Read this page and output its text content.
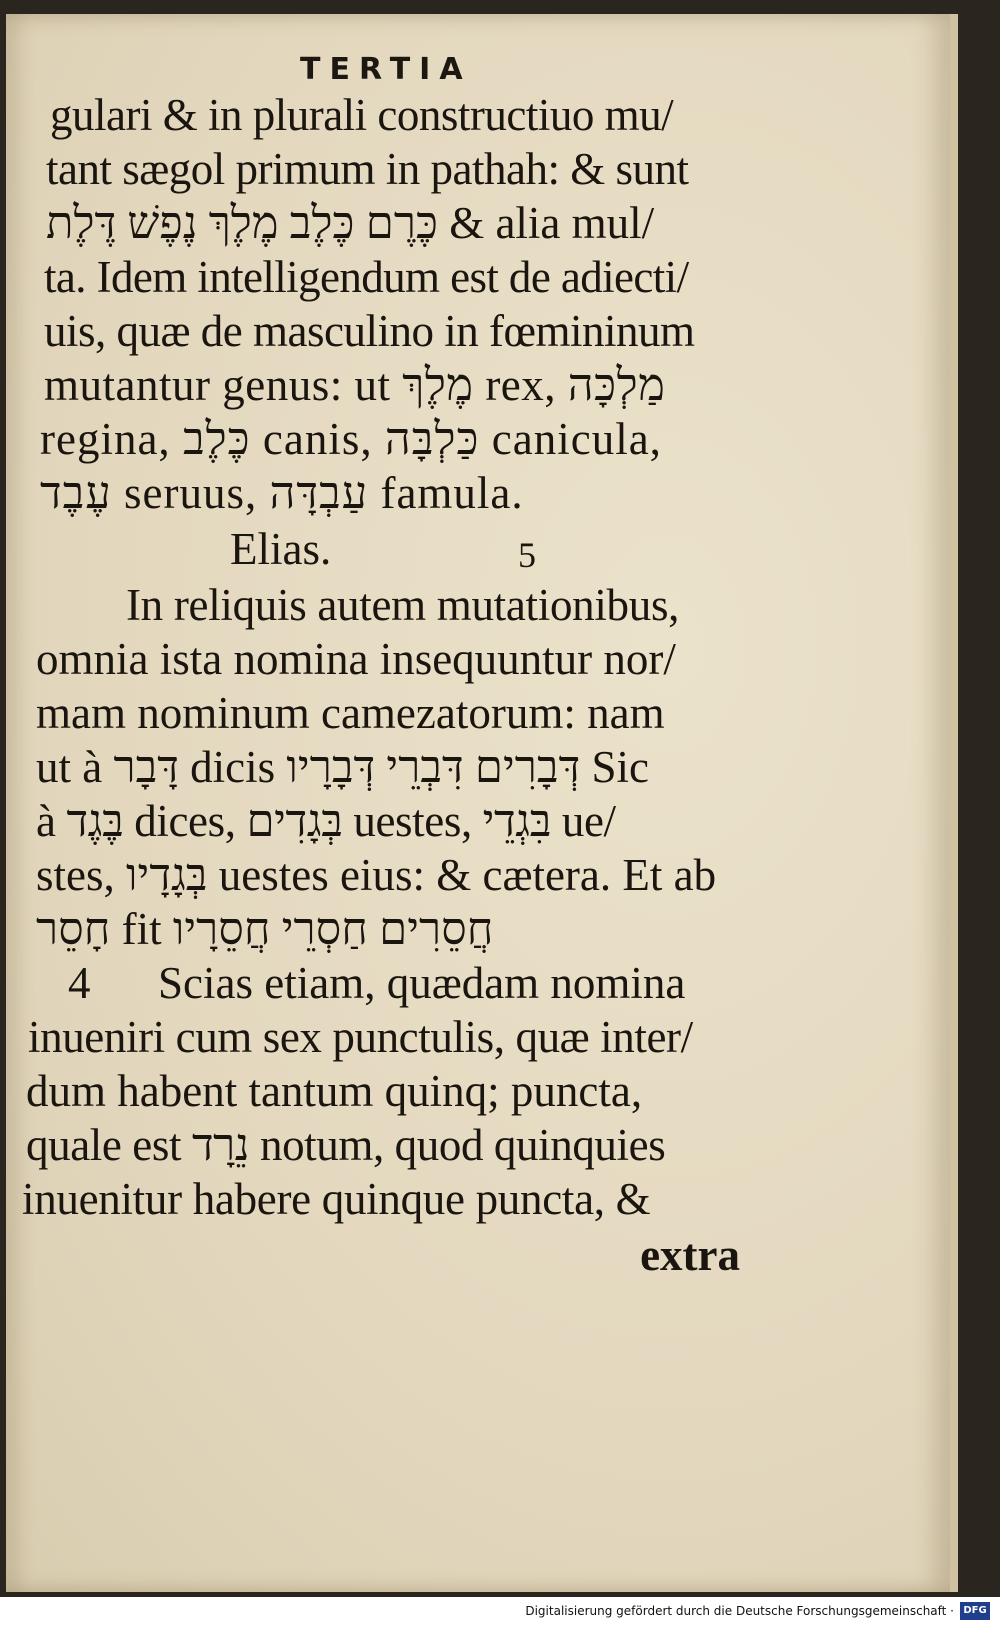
TERTIA
gulari & in plurali constructiuo mu/
tant sægol primum in pathah: & sunt
כֶּרֶם כֶּלֶב מֶלֶךְ נֶפֶשׁ דֶּלֶת & alia mul/
ta. Idem intelligendum est de adiecti/
uis, quæ de masculino in fœmininum
mutantur genus: ut מֶלֶךְ rex, מַלְכָּה
regina, כֶּלֶב canis, כַּלְבָּה canicula,
עֶבֶד seruus, עַבְדָּה famula.
Elias.	5
In reliquis autem mutationibus,
omnia ista nomina insequuntur nor/
mam nominum camezatorum: nam
ut à דָּבָר dicis דְּבָרִים דִּבְרֵי דְּבָרָיו Sic
à בֶּגֶד dices, בְּגָדִים uestes, בִּגְדֵי ue/
stes, בְּגָדָיו uestes eius: & cætera. Et ab
חָסֵר fit חֲסֵרִים חַסְרֵי חֲסֵרָיו
4 Scias etiam, quædam nomina
inueniri cum sex punctulis, quæ inter/
dum habent tantum quinq; puncta,
quale est נֵרָד notum, quod quinquies
inuenitur habere quinque puncta, &
extra
Digitalisierung gefördert durch die Deutsche Forschungsgemeinschaft · DFG
